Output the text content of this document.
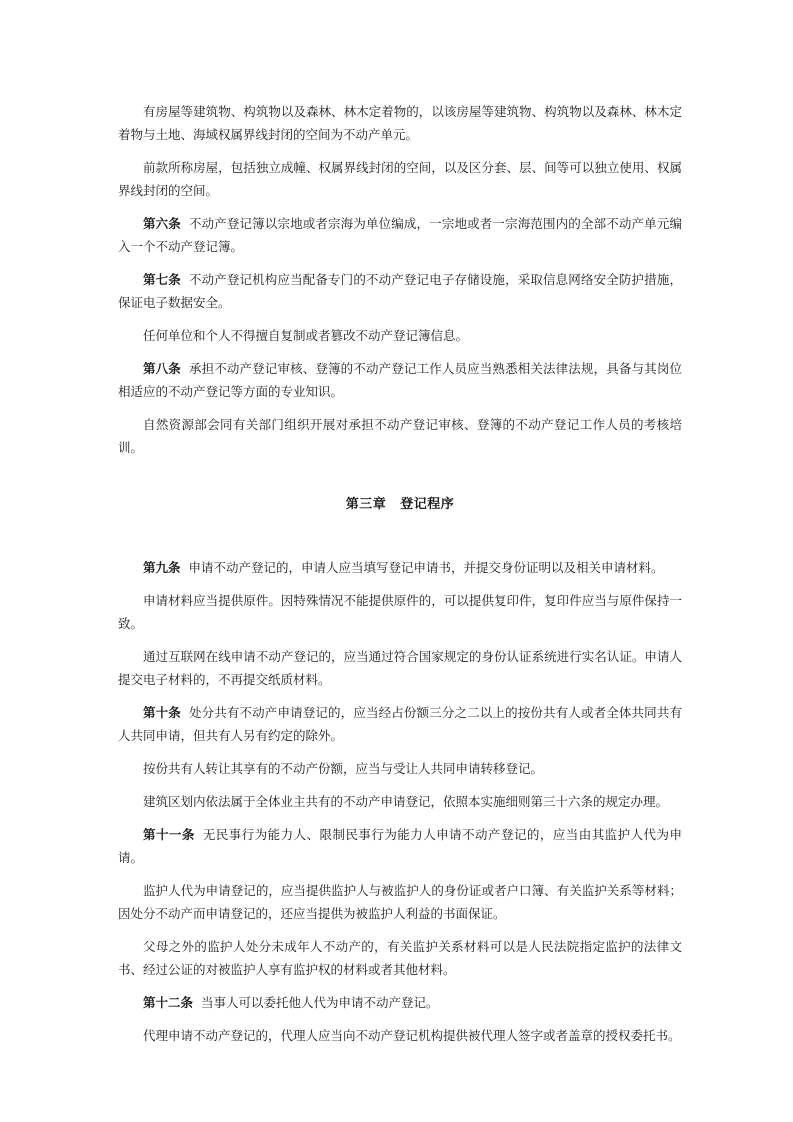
有房屋等建筑物、构筑物以及森林、林木定着物的，以该房屋等建筑物、构筑物以及森林、林木定着物与土地、海域权属界线封闭的空间为不动产单元。

前款所称房屋，包括独立成幢、权属界线封闭的空间，以及区分套、层、间等可以独立使用、权属界线封闭的空间。

第六条 不动产登记簿以宗地或者宗海为单位编成，一宗地或者一宗海范围内的全部不动产单元编入一个不动产登记簿。

第七条 不动产登记机构应当配备专门的不动产登记电子存储设施，采取信息网络安全防护措施，保证电子数据安全。

任何单位和个人不得擅自复制或者篡改不动产登记簿信息。

第八条 承担不动产登记审核、登簿的不动产登记工作人员应当熟悉相关法律法规，具备与其岗位相适应的不动产登记等方面的专业知识。

自然资源部会同有关部门组织开展对承担不动产登记审核、登簿的不动产登记工作人员的考核培训。

第三章 登记程序

第九条 申请不动产登记的，申请人应当填写登记申请书，并提交身份证明以及相关申请材料。

申请材料应当提供原件。因特殊情况不能提供原件的，可以提供复印件，复印件应当与原件保持一致。

通过互联网在线申请不动产登记的，应当通过符合国家规定的身份认证系统进行实名认证。申请人提交电子材料的，不再提交纸质材料。

第十条 处分共有不动产申请登记的，应当经占份额三分之二以上的按份共有人或者全体共同共有人共同申请，但共有人另有约定的除外。

按份共有人转让其享有的不动产份额，应当与受让人共同申请转移登记。

建筑区划内依法属于全体业主共有的不动产申请登记，依照本实施细则第三十六条的规定办理。

第十一条 无民事行为能力人、限制民事行为能力人申请不动产登记的，应当由其监护人代为申请。

监护人代为申请登记的，应当提供监护人与被监护人的身份证或者户口簿、有关监护关系等材料；因处分不动产而申请登记的，还应当提供为被监护人利益的书面保证。

父母之外的监护人处分未成年人不动产的，有关监护关系材料可以是人民法院指定监护的法律文书、经过公证的对被监护人享有监护权的材料或者其他材料。

第十二条 当事人可以委托他人代为申请不动产登记。

代理申请不动产登记的，代理人应当向不动产登记机构提供被代理人签字或者盖章的授权委托书。
